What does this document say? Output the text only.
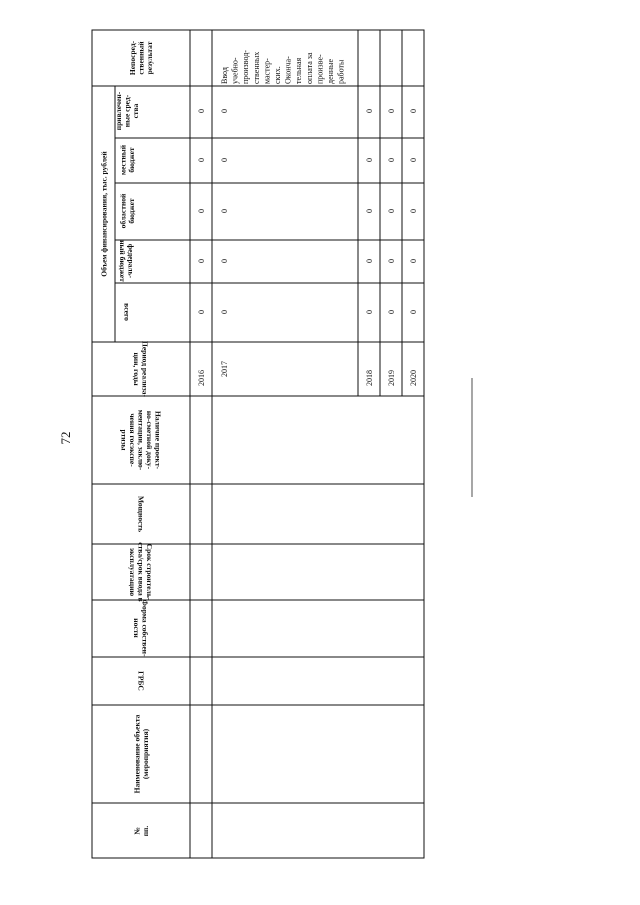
72
Непосред- ственный результат
привлечен- ные сред- ства
местный бюджет
областной бюджет
федераль-
ный бюджет
всего
Объем финансирования, тыс. рублей
Период реализа-
ции, годы
Наличие проект-
но-сметной доку-
ментации, заклю-
чения госэкспе-
ртизы
Мощность
Срок строитель-
ства/срок ввода в
эксплуатацию
Форма собствен-
ности
ГРБС
Наименование объекта (мероприятия)
№ пп.
0
0
0
0
0
2016
0
0
0
0
0
2017
Ввод учебно- производ- ственных мастер- ских. Оконча- тельная оплата за произве- денные работы
0
0
0
0
0
2018
0
0
0
0
0
2019
0
0
0
0
0
2020
